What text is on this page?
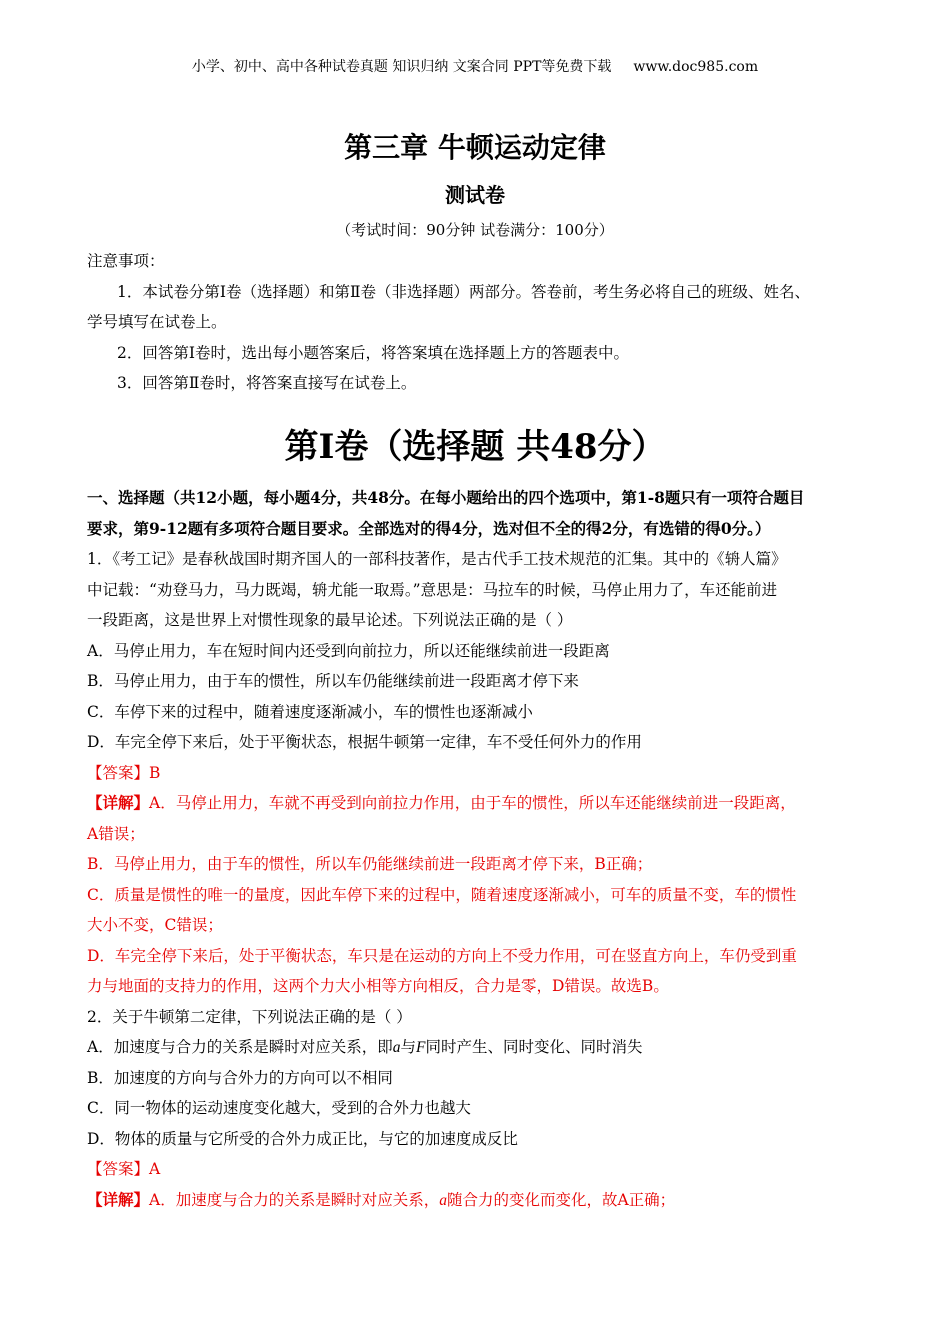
小学、初中、高中各种试卷真题 知识归纳 文案合同 PPT等免费下载 www.doc985.com
第三章 牛顿运动定律
测试卷
（考试时间：90分钟 试卷满分：100分）
注意事项：
1．本试卷分第Ⅰ卷（选择题）和第Ⅱ卷（非选择题）两部分。答卷前，考生务必将自己的班级、姓名、
学号填写在试卷上。
2．回答第Ⅰ卷时，选出每小题答案后，将答案填在选择题上方的答题表中。
3．回答第Ⅱ卷时，将答案直接写在试卷上。
第Ⅰ卷（选择题 共48分）
一、选择题（共12小题，每小题4分，共48分。在每小题给出的四个选项中，第1-8题只有一项符合题目
要求，第9-12题有多项符合题目要求。全部选对的得4分，选对但不全的得2分，有选错的得0分。）
1．《考工记》是春秋战国时期齐国人的一部科技著作，是古代手工技术规范的汇集。其中的《辀人篇》
中记载：“劝登马力，马力既竭，辀尤能一取焉。”意思是：马拉车的时候，马停止用力了，车还能前进
一段距离，这是世界上对惯性现象的最早论述。下列说法正确的是（ ）
A．马停止用力，车在短时间内还受到向前拉力，所以还能继续前进一段距离
B．马停止用力，由于车的惯性，所以车仍能继续前进一段距离才停下来
C．车停下来的过程中，随着速度逐渐减小，车的惯性也逐渐减小
D．车完全停下来后，处于平衡状态，根据牛顿第一定律，车不受任何外力的作用
【答案】B
【详解】A．马停止用力，车就不再受到向前拉力作用，由于车的惯性，所以车还能继续前进一段距离，
A错误；
B．马停止用力，由于车的惯性，所以车仍能继续前进一段距离才停下来，B正确；
C．质量是惯性的唯一的量度，因此车停下来的过程中，随着速度逐渐减小，可车的质量不变，车的惯性
大小不变，C错误；
D．车完全停下来后，处于平衡状态，车只是在运动的方向上不受力作用，可在竖直方向上，车仍受到重
力与地面的支持力的作用，这两个力大小相等方向相反，合力是零，D错误。故选B。
2．关于牛顿第二定律，下列说法正确的是（ ）
A．加速度与合力的关系是瞬时对应关系，即a与F同时产生、同时变化、同时消失
B．加速度的方向与合外力的方向可以不相同
C．同一物体的运动速度变化越大，受到的合外力也越大
D．物体的质量与它所受的合外力成正比，与它的加速度成反比
【答案】A
【详解】A．加速度与合力的关系是瞬时对应关系，a随合力的变化而变化，故A正确；
